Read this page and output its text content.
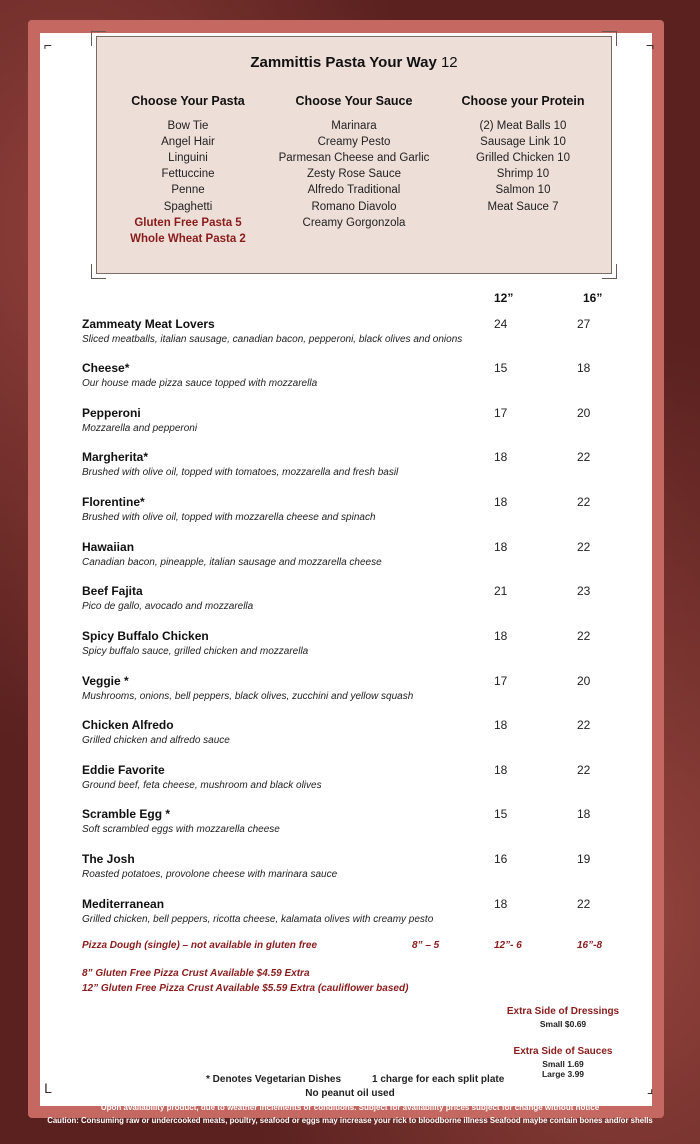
⌐	¬
L	⌟
Zammittis Pasta Your Way 12
Choose Your Pasta
Bow Tie
Angel Hair
Linguini
Fettuccine
Penne
Spaghetti
Gluten Free Pasta 5
Whole Wheat Pasta 2
Choose Your Sauce
Marinara
Creamy Pesto
Parmesan Cheese and Garlic
Zesty Rose Sauce
Alfredo Traditional
Romano Diavolo
Creamy Gorgonzola
Choose your Protein
(2) Meat Balls 10
Sausage Link 10
Grilled Chicken 10
Shrimp 10
Salmon 10
Meat Sauce 7
12”	16”
Zammeaty Meat Lovers
Sliced meatballs, italian sausage, canadian bacon, pepperoni, black olives and onions
24	27
Cheese*
Our house made pizza sauce topped with mozzarella
15	18
Pepperoni
Mozzarella and pepperoni
17	20
Margherita*
Brushed with olive oil, topped with tomatoes, mozzarella and fresh basil
18	22
Florentine*
Brushed with olive oil, topped with mozzarella cheese and spinach
18	22
Hawaiian
Canadian bacon, pineapple, italian sausage and mozzarella cheese
18	22
Beef Fajita
Pico de gallo, avocado and mozzarella
21	23
Spicy Buffalo Chicken
Spicy buffalo sauce, grilled chicken and mozzarella
18	22
Veggie *
Mushrooms, onions, bell peppers, black olives, zucchini and yellow squash
17	20
Chicken Alfredo
Grilled chicken and alfredo sauce
18	22
Eddie Favorite
Ground beef, feta cheese, mushroom and black olives
18	22
Scramble Egg *
Soft scrambled eggs with mozzarella cheese
15	18
The Josh
Roasted potatoes, provolone cheese with marinara sauce
16	19
Mediterranean
Grilled chicken, bell peppers, ricotta cheese, kalamata olives with creamy pesto
18	22
Pizza Dough (single) – not available in gluten free	8” – 5	12”- 6	16”-8
8” Gluten Free Pizza Crust Available $4.59 Extra
12” Gluten Free Pizza Crust Available $5.59 Extra (cauliflower based)
Extra Side of Dressings
Small $0.69
Extra Side of Sauces
Small 1.69
Large 3.99
* Denotes Vegetarian Dishes	1 charge for each split plate
No peanut oil used
Upon availability product, due to weather inclements or conditions. Subject for availability prices subject for change without notice
Caution: Consuming raw or undercooked meats, poultry, seafood or eggs may increase your rick to bloodborne illness Seafood maybe contain bones and/or shells
